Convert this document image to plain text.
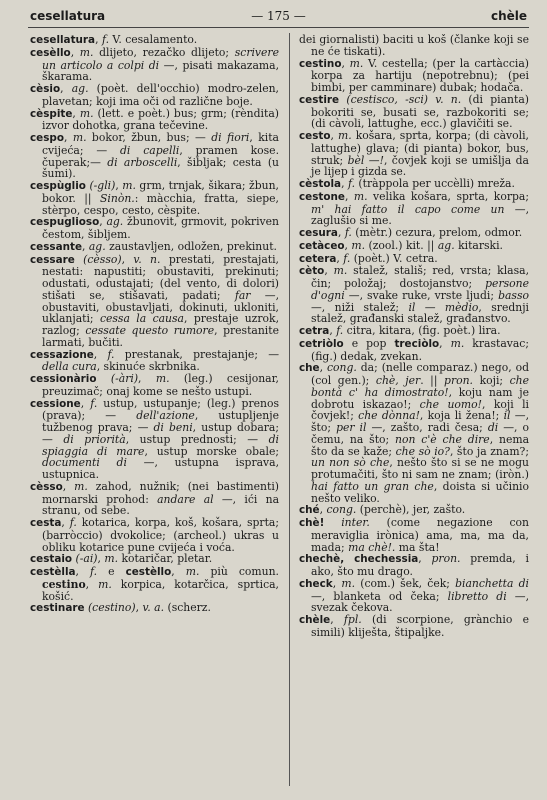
cesellatura	— 175 —	chèle

cesellatura, f. V. cesalamento.

cesèllo, m. dlijeto, rezačko dlijeto; scrivere un articolo a colpi di —, pisati makazama, škarama.

cèsio, ag. (poèt. dell'occhio) modro-zelen, plavetan; koji ima oči od različne boje.

cèspite, m. (lett. e poèt.) bus; grm; (rèndita) izvor dohotka, grana tečevine.

cespo, m. bokor, žbun, bus; — di fiori, kita cvijeća; — di capelli, pramen kose. čuperak;— di arboscelli, šibljak; cesta (u šumi).

cespùglio (-gli), m. grm, trnjak, šikara; žbun, bokor. || Sinòn.: màcchia, fratta, siepe, stèrpo, cespo, cesto, cèspite.

cespuglioso, ag. žbunovit, grmovit, pokriven čestom, šibljem.

cessante, ag. zaustavljen, odložen, prekinut.

cessare (cèsso), v. n. prestati, prestajati, nestati: napustiti; obustaviti, prekinuti; odustati, odustajati; (del vento, di dolori) stišati se, stišavati, padati; far —, obustaviti, obustavljati, dokinuti, ukloniti, uklanjati; cessa la causa, prestaje uzrok, razlog; cessate questo rumore, prestanite larmati, bučiti.

cessazione, f. prestanak, prestajanje; — della cura, skinuće skrbnika.

cessionàrio (-àri), m. (leg.) cesijonar, preuzimač; onaj kome se nešto ustupi.

cessione, f. ustup, ustupanje; (leg.) prenos (prava); — dell'azione, ustupljenje tužbenog prava; — di beni, ustup dobara; — di priorità, ustup prednosti; — di spiaggia di mare, ustup morske obale; documenti di —, ustupna isprava, ustupnica.

cèsso, m. zahod, nužnik; (nei bastimenti) mornarski prohod: andare al —, ići na stranu, od sebe.

cesta, f. kotarica, korpa, koš, košara, sprta; (barròccio) dvokolice; (archeol.) ukras u obliku kotarice pune cvijeća i voća.

cestaio (-ai), m. kotaričar, pletar.

cestèlla, f. e cestèllo, m. più comun. cestino, m. korpica, kotarčica, sprtica, košić.

cestinare (cestino), v. a. (scherz.

dei giornalisti) baciti u koš (članke koji se ne će tiskati).

cestino, m. V. cestella; (per la cartàccia) korpa za hartiju (nepotrebnu); (pei bimbi, per camminare) dubak; hodača.

cestire (cestisco, -sci) v. n. (di pianta) bokoriti se, busati se, razbokoriti se; (di càvoli, lattughe, ecc.) glavičiti se.

cesto, m. košara, sprta, korpa; (di càvoli, lattughe) glava; (di pianta) bokor, bus, struk; bèl —!, čovjek koji se umišlja da je lijep i gizda se.

cèstola, f. (tràppola per uccèlli) mreža.

cestone, m. velika košara, sprta, korpa; m' hai fatto il capo come un —, zaglušio si me.

cesura, f. (mètr.) cezura, prelom, odmor.

cetàceo, m. (zool.) kit. || ag. kitarski.

cetera, f. (poèt.) V. cetra.

cèto, m. stalež, stališ; red, vrsta; klasa, čin; položaj; dostojanstvo; persone d'ogni —, svake ruke, vrste ljudi; basso —, niži stalež; il — mèdio, srednji stalež, građanski stalež, građanstvo.

cetra, f. citra, kitara, (fig. poèt.) lira.

cetriòlo e pop treciòlo, m. krastavac; (fig.) dedak, zvekan.

che, cong. da; (nelle comparaz.) nego, od (col gen.); chè, jer. || pron. koji; che bontà c' ha dimostrato!, koju nam je dobrotu iskazao!; che uomo!, koji li čovjek!; che dònna!, koja li žena!; il —, što; per il —, zašto, radi česa; di —, o čemu, na što; non c'è che dire, nema što da se kaže; che sò io?, što ja znam?; un non sò che, nešto što si se ne mogu protumačiti, što ni sam ne znam; (iròn.) hai fatto un gran che, doista si učinio nešto veliko.

ché, cong. (perchè), jer, zašto.

chè! inter. (come negazione con meraviglia irònica) ama, ma, ma da, mada; ma chè!. ma šta!

chechè, chechessia, pron. premda, i ako, što mu drago.

check, m. (com.) šek, ček; bianchetta di —, blanketa od čeka; libretto di —, svezak čekova.

chèle, fpl. (di scorpione, grànchio e simili) kliješta, štipaljke.
